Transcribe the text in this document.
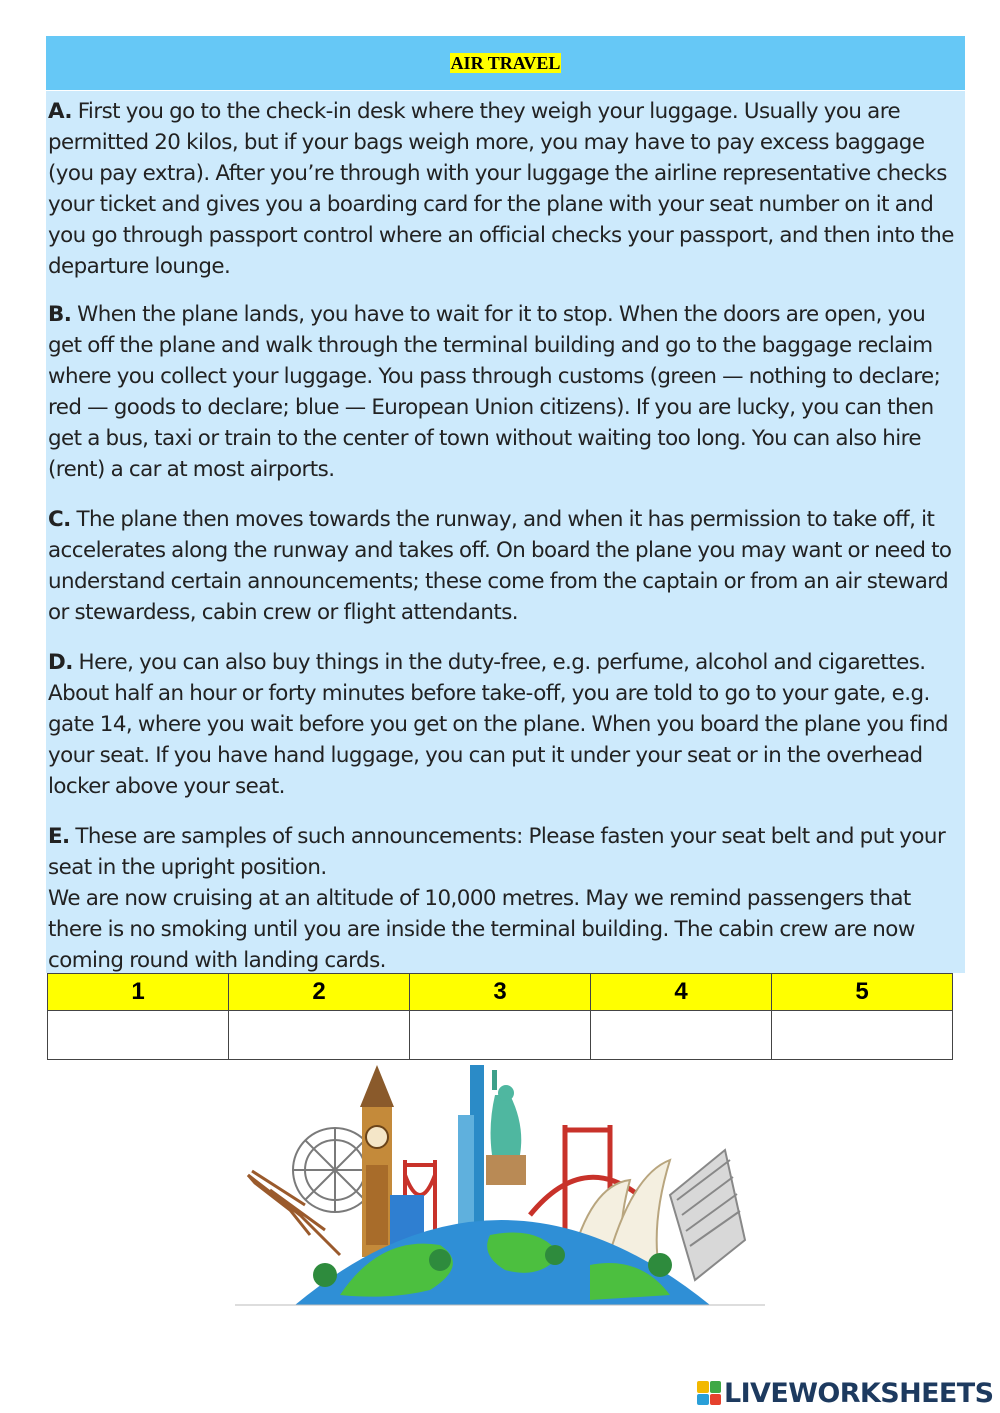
AIR TRAVEL

A. First you go to the check-in desk where they weigh your luggage. Usually you are permitted 20 kilos, but if your bags weigh more, you may have to pay excess baggage (you pay extra). After you’re through with your luggage the airline representative checks your ticket and gives you a boarding card for the plane with your seat number on it and you go through passport control where an official checks your passport, and then into the departure lounge.

B. When the plane lands, you have to wait for it to stop. When the doors are open, you get off the plane and walk through the terminal building and go to the baggage reclaim where you collect your luggage. You pass through customs (green — nothing to declare; red — goods to declare; blue — European Union citizens). If you are lucky, you can then get a bus, taxi or train to the center of town without waiting too long. You can also hire (rent) a car at most airports.

C. The plane then moves towards the runway, and when it has permission to take off, it accelerates along the runway and takes off. On board the plane you may want or need to understand certain announcements; these come from the captain or from an air steward or stewardess, cabin crew or flight attendants.

D. Here, you can also buy things in the duty-free, e.g. perfume, alcohol and cigarettes. About half an hour or forty minutes before take-off, you are told to go to your gate, e.g. gate 14, where you wait before you get on the plane. When you board the plane you find your seat. If you have hand luggage, you can put it under your seat or in the overhead locker above your seat.

E. These are samples of such announcements: Please fasten your seat belt and put your seat in the upright position.
We are now cruising at an altitude of 10,000 metres. May we remind passengers that there is no smoking until you are inside the terminal building. The cabin crew are now coming round with landing cards.

1	2	3	4	5

LIVEWORKSHEETS
